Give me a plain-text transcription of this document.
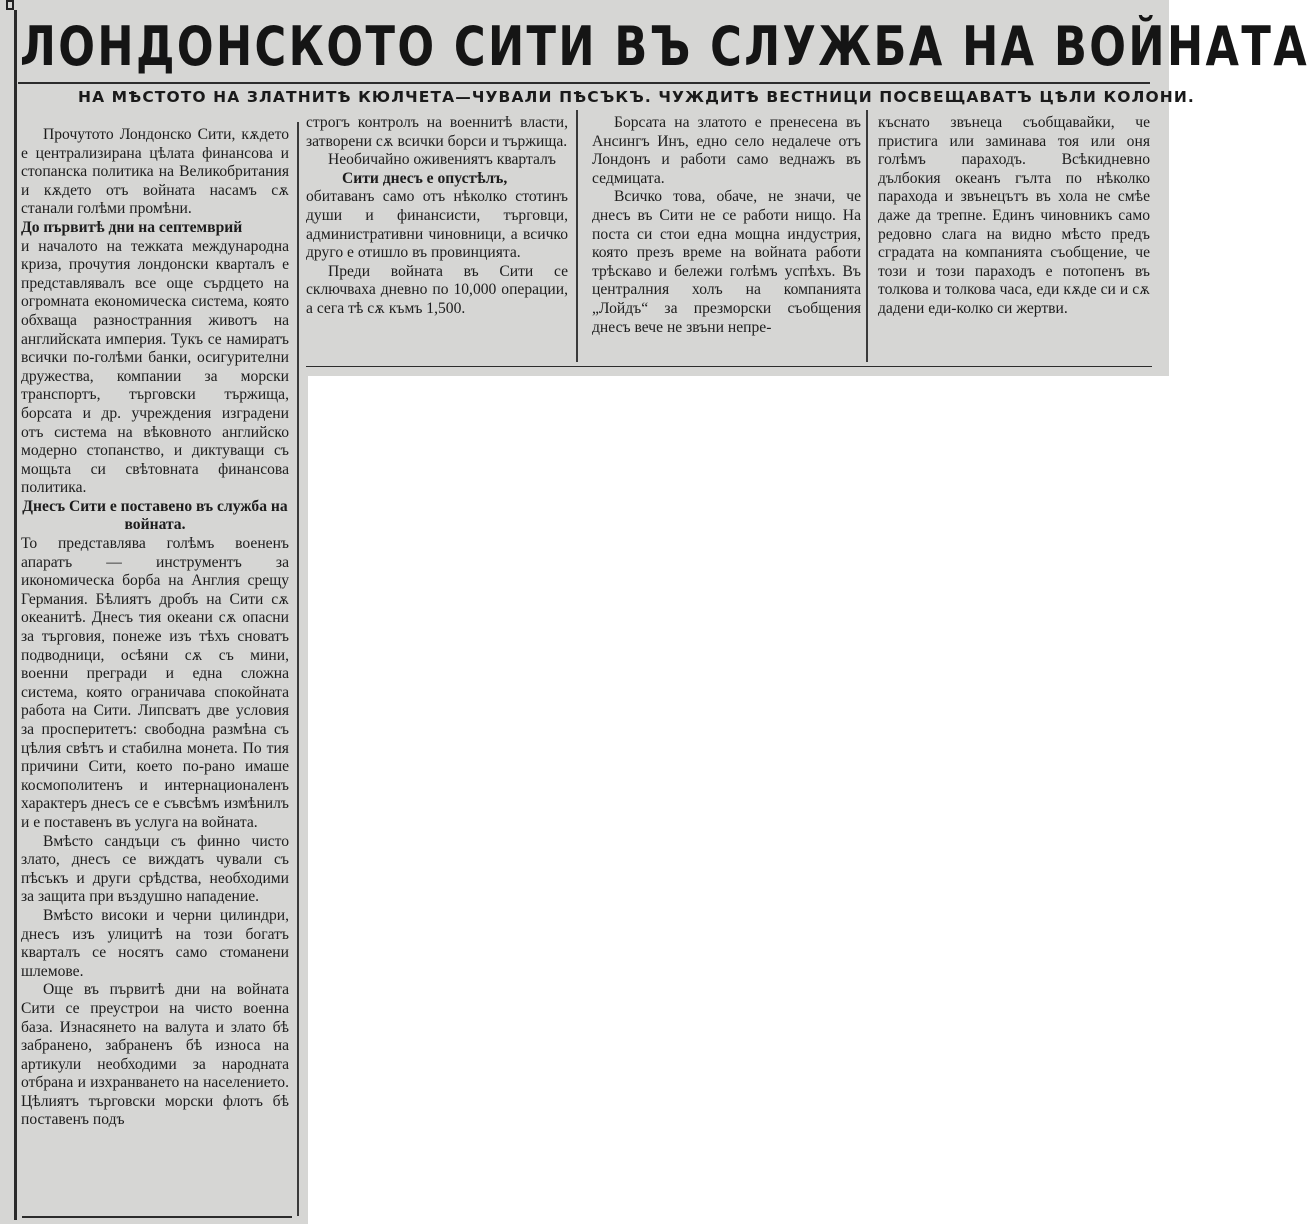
ЛОНДОНСКОТО СИТИ ВЪ СЛУЖБА НА ВОЙНАТА
НА МѢСТОТО НА ЗЛАТНИТѢ КЮЛЧЕТА—ЧУВАЛИ ПѢСЪКЪ. ЧУЖДИТѢ ВЕСТНИЦИ ПОСВЕЩАВАТЪ ЦѢЛИ КОЛОНИ.

Прочутото Лондонско Сити, кѫдето е централизирана цѣлата финансова и стопанска политика на Великобритания и кѫдето отъ войната насамъ сѫ станали голѣми промѣни.

До първитѣ дни на септемврий

и началото на тежката международна криза, прочутия лондонски кварталъ е представлявалъ все още сърдцето на огромната економическа система, която обхваща разностранния животъ на английската империя. Тукъ се намиратъ всички по-голѣми банки, осигурителни дружества, компании за морски транспортъ, търговски тържища, борсата и др. учреждения изградени отъ система на вѣковното английско модерно стопанство, и диктуващи съ мощьта си свѣтовната финансова политика.

Днесъ Сити е поставено въ служба на войната.

То представлява голѣмъ воененъ апаратъ — инструментъ за икономическа борба на Англия срещу Германия. Бѣлиятъ дробъ на Сити сѫ океанитѣ. Днесъ тия океани сѫ опасни за търговия, понеже изъ тѣхъ сноватъ подводници, осѣяни сѫ съ мини, военни прегради и една сложна система, която ограничава спокойната работа на Сити. Липсватъ две условия за просперитетъ: свободна размѣна съ цѣлия свѣтъ и стабилна монета. По тия причини Сити, което по-рано имаше космополитенъ и интернационаленъ характеръ днесъ се е съвсѣмъ измѣнилъ и е поставенъ въ услуга на войната.

Вмѣсто сандъци съ финно чисто злато, днесъ се виждатъ чували съ пѣсъкъ и други срѣдства, необходими за защита при въздушно нападение.

Вмѣсто високи и черни цилиндри, днесъ изъ улицитѣ на този богатъ кварталъ се носятъ само стоманени шлемове.

Още въ първитѣ дни на войната Сити се преустрои на чисто военна база. Изнасянето на валута и злато бѣ забранено, забраненъ бѣ износа на артикули необходими за народната отбрана и изхранването на населението. Цѣлиятъ търговски морски флотъ бѣ поставенъ подъ

строгъ контролъ на военнитѣ власти, затворени сѫ всички борси и тържища.

Необичайно оживениятъ кварталъ

Сити днесъ е опустѣлъ,

обитаванъ само отъ нѣколко стотинъ души и финансисти, търговци, административни чиновници, а всичко друго е отишло въ провинцията.

Преди войната въ Сити се сключваха дневно по 10,000 операции, а сега тѣ сѫ къмъ 1,500.

Борсата на златото е пренесена въ Ансингъ Инъ, едно село недалече отъ Лондонъ и работи само веднажъ въ седмицата.

Всичко това, обаче, не значи, че днесъ въ Сити не се работи нищо. На поста си стои една мощна индустрия, която презъ време на войната работи трѣскаво и бележи голѣмъ успѣхъ. Въ централния холъ на компанията „Лойдъ“ за презморски съобщения днесъ вече не звъни непре-

къснато звънеца съобщавайки, че пристига или заминава тоя или оня голѣмъ параходъ. Всѣкидневно дълбокия океанъ гълта по нѣколко парахода и звънецътъ въ хола не смѣе даже да трепне. Единъ чиновникъ само редовно слага на видно мѣсто предъ сградата на компанията съобщение, че този и този параходъ е потопенъ въ толкова и толкова часа, еди кѫде си и сѫ дадени еди-колко си жертви.
